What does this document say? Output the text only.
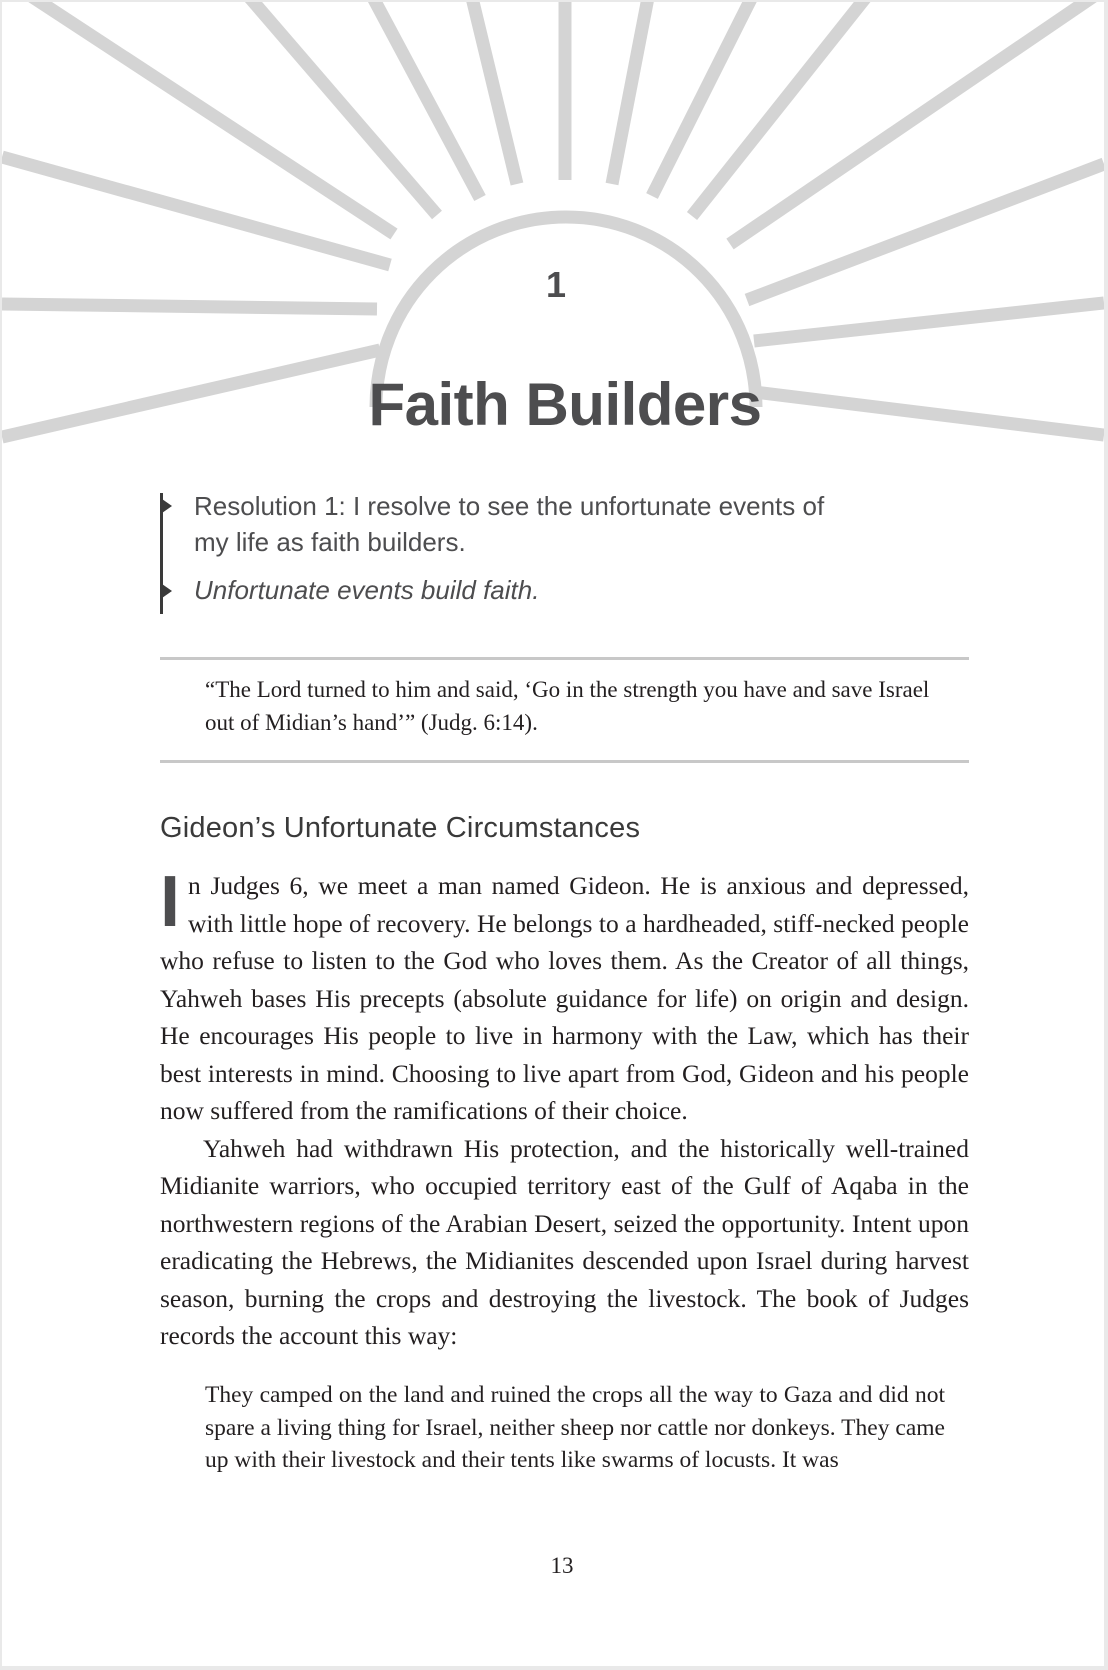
1
Faith Builders
Resolution 1: I resolve to see the unfortunate events of my life as faith builders.
Unfortunate events build faith.
“The Lord turned to him and said, ‘Go in the strength you have and save Israel out of Midian’s hand’” (Judg. 6:14).
Gideon’s Unfortunate Circumstances

In Judges 6, we meet a man named Gideon. He is anxious and depressed, with little hope of recovery. He belongs to a hardheaded, stiff-necked people who refuse to listen to the God who loves them. As the Creator of all things, Yahweh bases His precepts (absolute guidance for life) on origin and design. He encourages His people to live in harmony with the Law, which has their best interests in mind. Choosing to live apart from God, Gideon and his people now suffered from the ramifications of their choice.

Yahweh had withdrawn His protection, and the historically well-trained Midianite warriors, who occupied territory east of the Gulf of Aqaba in the northwestern regions of the Arabian Desert, seized the opportunity. Intent upon eradicating the Hebrews, the Midianites descended upon Israel during harvest season, burning the crops and destroying the livestock. The book of Judges records the account this way:

They camped on the land and ruined the crops all the way to Gaza and did not spare a living thing for Israel, neither sheep nor cattle nor donkeys. They came up with their livestock and their tents like swarms of locusts. It was
13
